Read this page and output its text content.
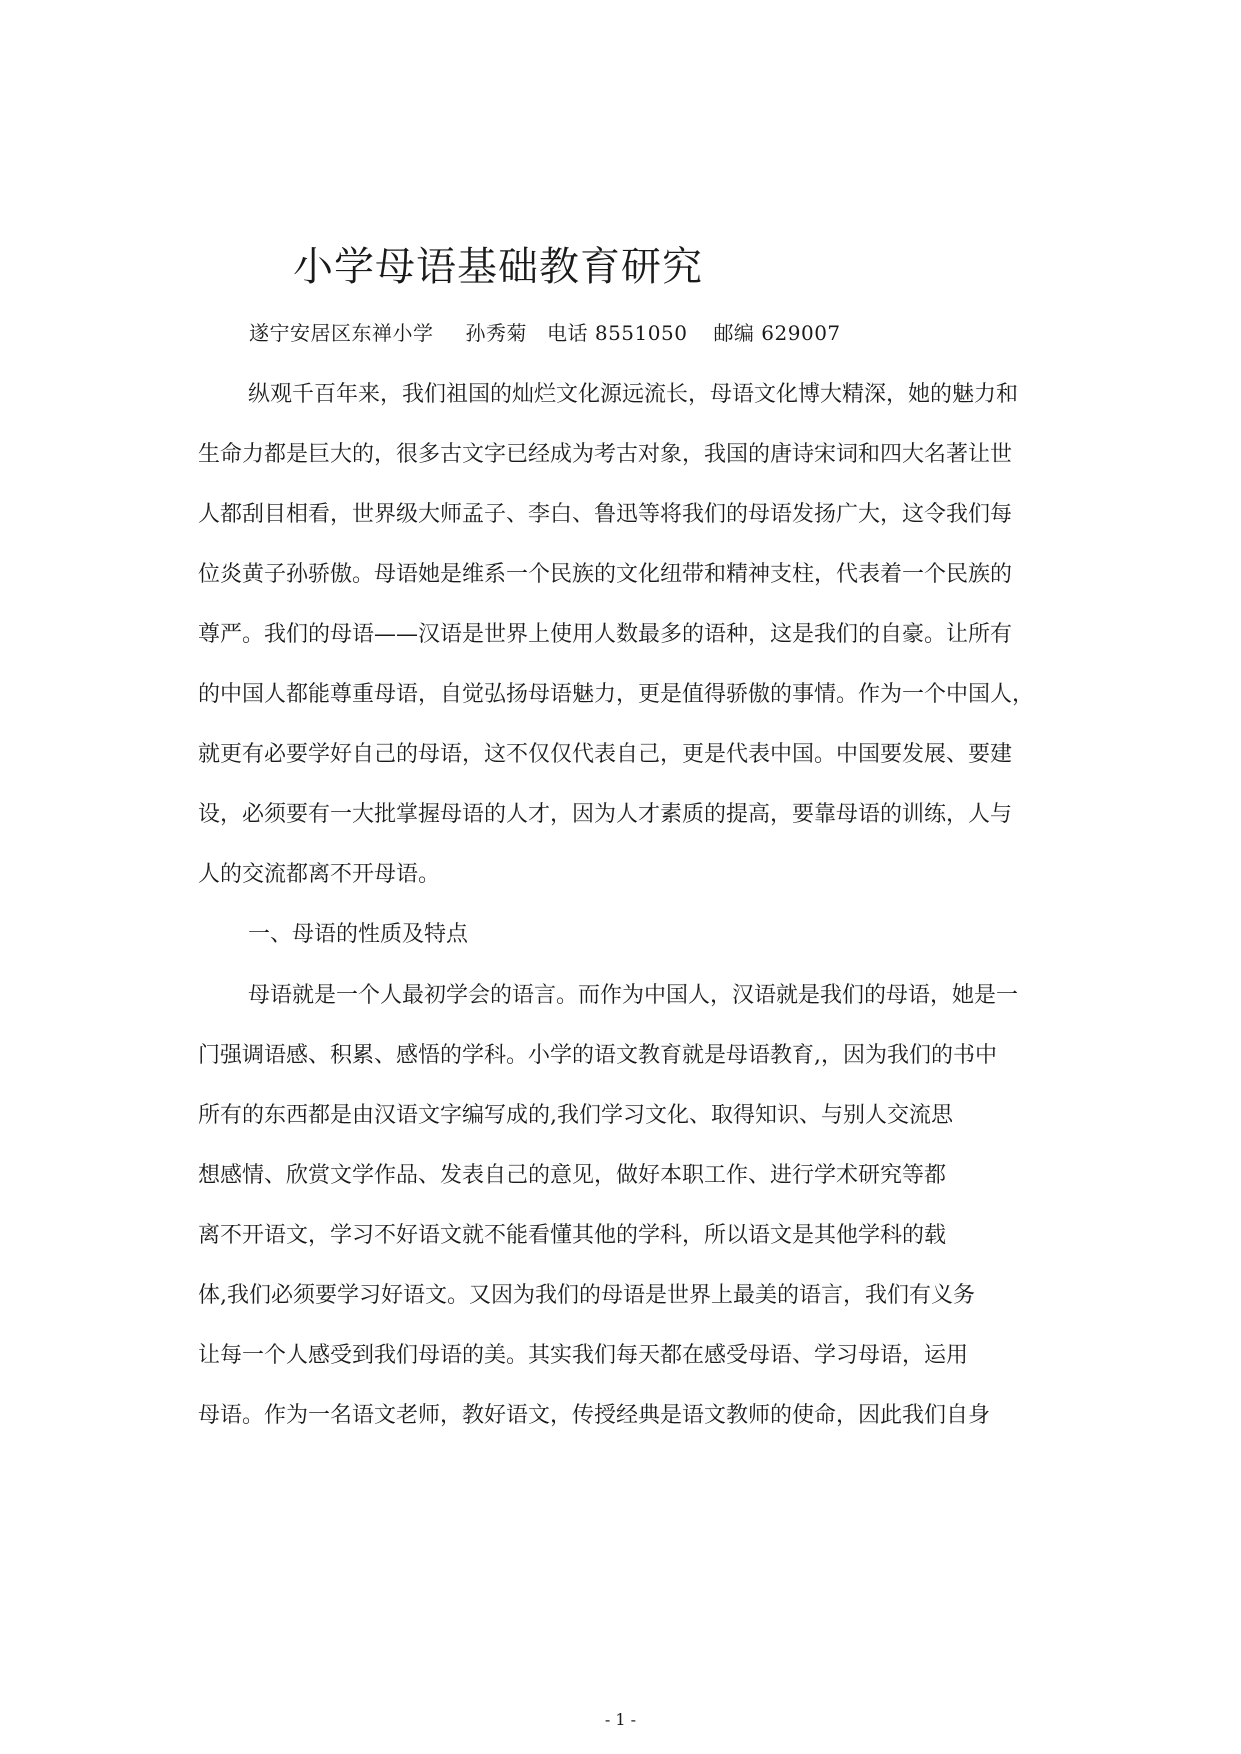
小学母语基础教育研究
遂宁安居区东禅小学 孙秀菊 电话 8551050 邮编 629007

纵观千百年来，我们祖国的灿烂文化源远流长，母语文化博大精深，她的魅力和

生命力都是巨大的，很多古文字已经成为考古对象，我国的唐诗宋词和四大名著让世

人都刮目相看，世界级大师孟子、李白、鲁迅等将我们的母语发扬广大，这令我们每

位炎黄子孙骄傲。母语她是维系一个民族的文化纽带和精神支柱，代表着一个民族的

尊严。我们的母语——汉语是世界上使用人数最多的语种，这是我们的自豪。让所有

的中国人都能尊重母语，自觉弘扬母语魅力，更是值得骄傲的事情。作为一个中国人，

就更有必要学好自己的母语，这不仅仅代表自己，更是代表中国。中国要发展、要建

设，必须要有一大批掌握母语的人才，因为人才素质的提高，要靠母语的训练，人与

人的交流都离不开母语。

一、母语的性质及特点

母语就是一个人最初学会的语言。而作为中国人，汉语就是我们的母语，她是一

门强调语感、积累、感悟的学科。小学的语文教育就是母语教育,，因为我们的书中

所有的东西都是由汉语文字编写成的,我们学习文化、取得知识、与别人交流思

想感情、欣赏文学作品、发表自己的意见，做好本职工作、进行学术研究等都

离不开语文，学习不好语文就不能看懂其他的学科，所以语文是其他学科的载

体,我们必须要学习好语文。又因为我们的母语是世界上最美的语言，我们有义务

让每一个人感受到我们母语的美。其实我们每天都在感受母语、学习母语，运用

母语。作为一名语文老师，教好语文，传授经典是语文教师的使命，因此我们自身

- 1 -
